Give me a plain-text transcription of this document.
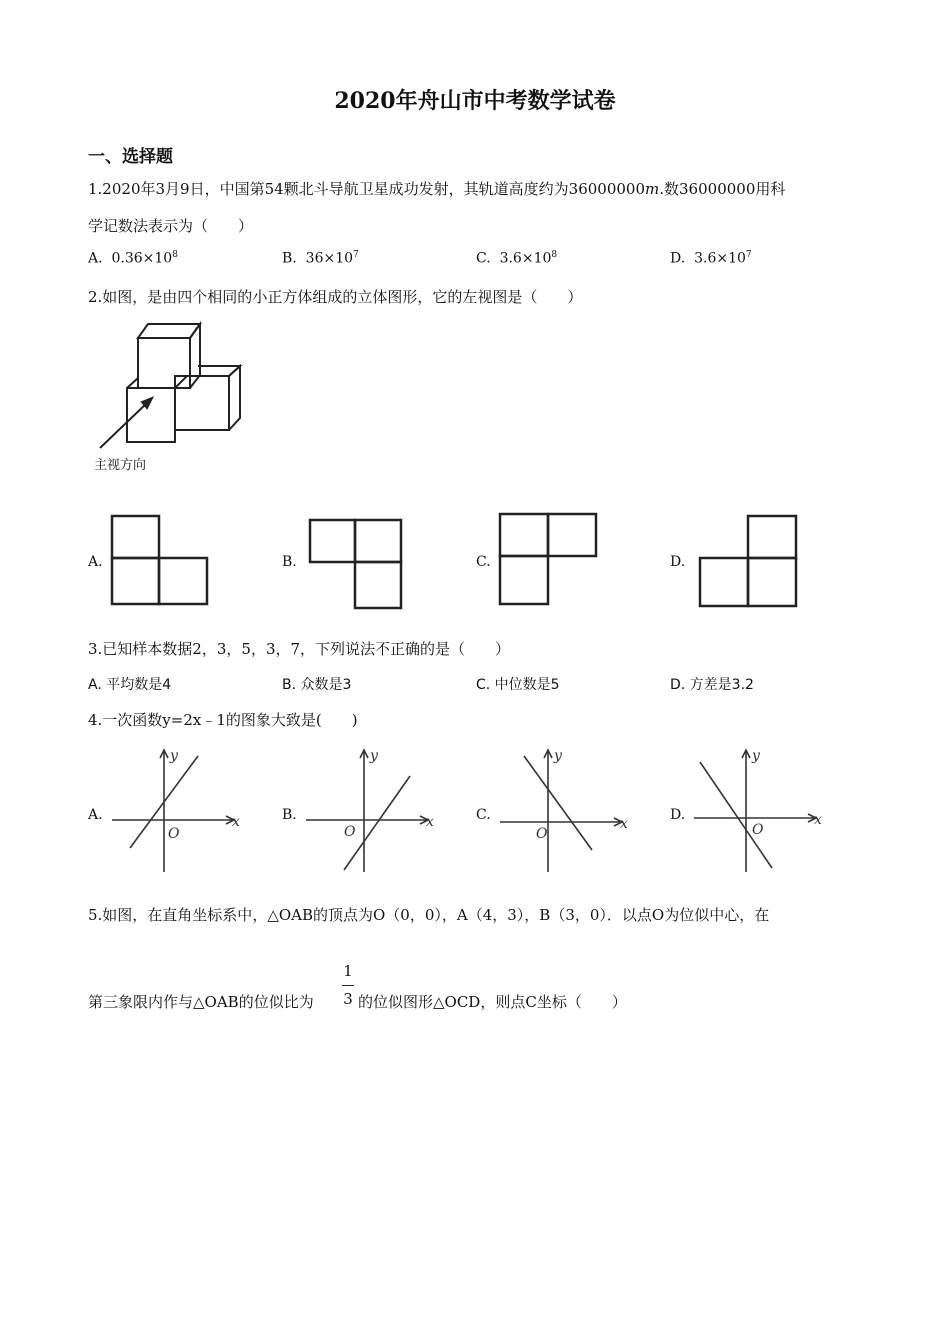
2020年舟山市中考数学试卷
一、选择题
1.2020年3月9日，中国第54颗北斗导航卫星成功发射，其轨道高度约为36000000m.数36000000用科
学记数法表示为（　　）
A. $0.36\times 10^8$	B. $36\times 10^7$	C. $3.6\times 10^8$	D. $3.6\times 10^7$
2.如图，是由四个相同的小正方体组成的立体图形，它的左视图是（　　）
主视方向
A.	B.	C.	D.
3.已知样本数据2，3，5，3，7，下列说法不正确的是（　　）
A. 平均数是4	B. 众数是3	C. 中位数是5	D. 方差是3.2
4.一次函数y=2x﹣1的图象大致是(　　)
A.	B.	C.	D.
y
x
O
y
x
O
y
x
O
y
x
O
5.如图，在直角坐标系中，△OAB的顶点为O（0，0），A（4，3），B（3，0）．以点O为位似中心，在
第三象限内作与△OAB的位似比为
1
3 的位似图形△OCD，则点C坐标（　　）
